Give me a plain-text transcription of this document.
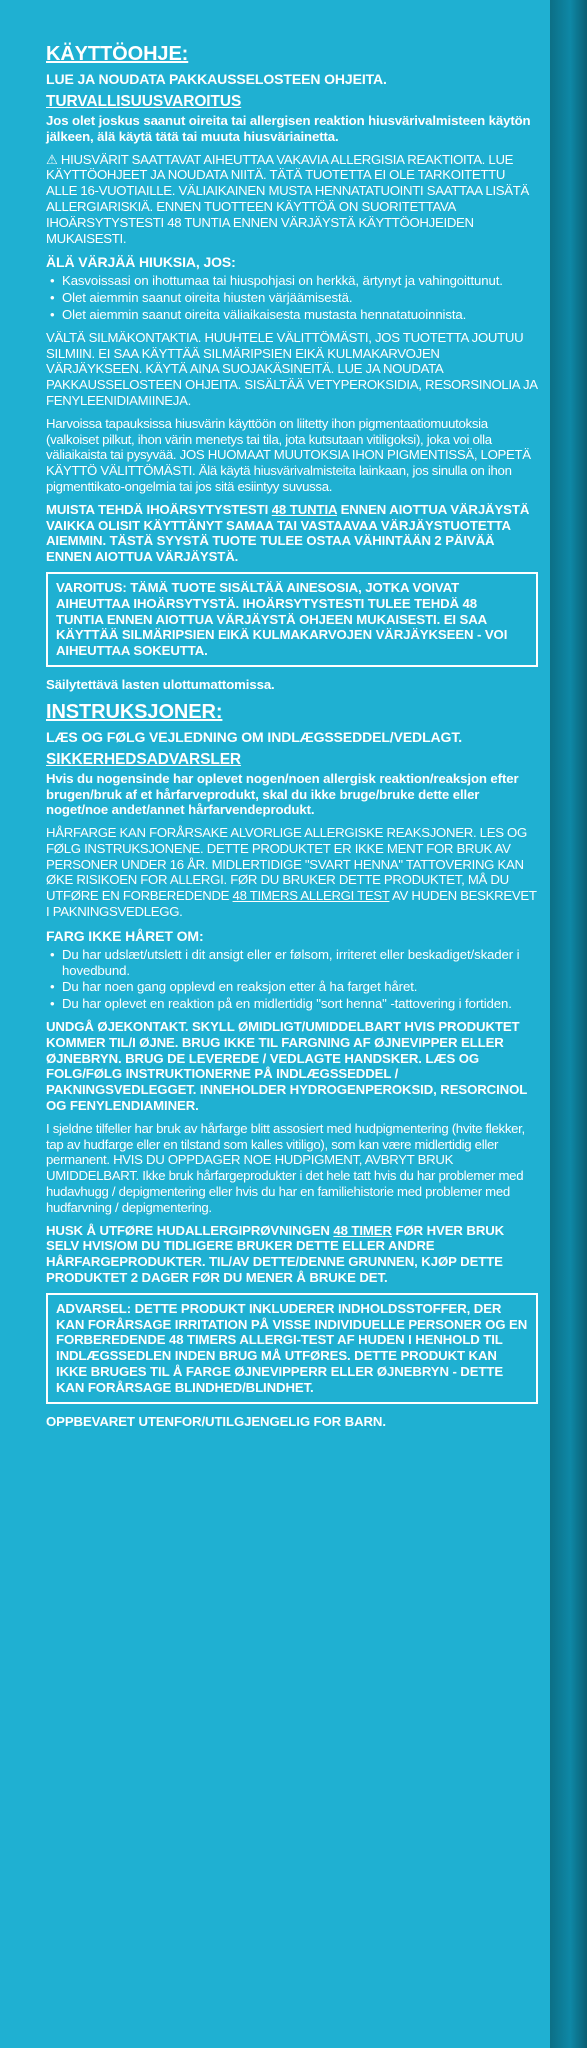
KÄYTTÖOHJE:
LUE JA NOUDATA PAKKAUSSELOSTEEN OHJEITA.
TURVALLISUUSVAROITUS

Jos olet joskus saanut oireita tai allergisen reaktion hiusvärivalmisteen käytön jälkeen, älä käytä tätä tai muuta hiusväriainetta.

⚠ HIUSVÄRIT SAATTAVAT AIHEUTTAA VAKAVIA ALLERGISIA REAKTIOITA. LUE KÄYTTÖOHJEET JA NOUDATA NIITÄ. TÄTÄ TUOTETTA EI OLE TARKOITETTU ALLE 16-VUOTIAILLE. VÄLIAIKAINEN MUSTA HENNATATUOINTI SAATTAA LISÄTÄ ALLERGIARISKIÄ. ENNEN TUOTTEEN KÄYTTÖÄ ON SUORITETTAVA IHOÄRSYTYSTESTI 48 TUNTIA ENNEN VÄRJÄYSTÄ KÄYTTÖOHJEIDEN MUKAISESTI.

ÄLÄ VÄRJÄÄ HIUKSIA, JOS:
• Kasvoissasi on ihottumaa tai hiuspohjasi on herkkä, ärtynyt ja vahingoittunut.
• Olet aiemmin saanut oireita hiusten värjäämisestä.
• Olet aiemmin saanut oireita väliaikaisesta mustasta hennatatuoinnista.

VÄLTÄ SILMÄKONTAKTIA. HUUHTELE VÄLITTÖMÄSTI, JOS TUOTETTA JOUTUU SILMIIN. EI SAA KÄYTTÄÄ SILMÄRIPSIEN EIKÄ KULMAKARVOJEN VÄRJÄYKSEEN. KÄYTÄ AINA SUOJAKÄSINEITÄ. LUE JA NOUDATA PAKKAUSSELOSTEEN OHJEITA. SISÄLTÄÄ VETYPEROKSIDIA, RESORSINOLIA JA FENYLEENIDIAMIINEJA.

Harvoissa tapauksissa hiusvärin käyttöön on liitetty ihon pigmentaatiomuutoksia (valkoiset pilkut, ihon värin menetys tai tila, jota kutsutaan vitiligoksi), joka voi olla väliaikaista tai pysyvää. JOS HUOMAAT MUUTOKSIA IHON PIGMENTISSÄ, LOPETÄ KÄYTTÖ VÄLITTÖMÄSTI. Älä käytä hiusvärivalmisteita lainkaan, jos sinulla on ihon pigmenttikato-ongelmia tai jos sitä esiintyy suvussa.

MUISTA TEHDÄ IHOÄRSYTYSTESTI 48 TUNTIA ENNEN AIOTTUA VÄRJÄYSTÄ VAIKKA OLISIT KÄYTTÄNYT SAMAA TAI VASTAAVAA VÄRJÄYSTUOTETTA AIEMMIN. TÄSTÄ SYYSTÄ TUOTE TULEE OSTAA VÄHINTÄÄN 2 PÄIVÄÄ ENNEN AIOTTUA VÄRJÄYSTÄ.

VAROITUS: TÄMÄ TUOTE SISÄLTÄÄ AINESOSIA, JOTKA VOIVAT AIHEUTTAA IHOÄRSYTYSTÄ. IHOÄRSYTYSTESTI TULEE TEHDÄ 48 TUNTIA ENNEN AIOTTUA VÄRJÄYSTÄ OHJEEN MUKAISESTI. EI SAA KÄYTTÄÄ SILMÄRIPSIEN EIKÄ KULMAKARVOJEN VÄRJÄYKSEEN - VOI AIHEUTTAA SOKEUTTA.

Säilytettävä lasten ulottumattomissa.

INSTRUKSJONER:
LÆS OG FØLG VEJLEDNING OM INDLÆGSSEDDEL/VEDLAGT.
SIKKERHEDSADVARSLER

Hvis du nogensinde har oplevet nogen/noen allergisk reaktion/reaksjon efter brugen/bruk af et hårfarveprodukt, skal du ikke bruge/bruke dette eller noget/noe andet/annet hårfarvendeprodukt.

HÅRFARGE KAN FORÅRSAKE ALVORLIGE ALLERGISKE REAKSJONER. LES OG FØLG INSTRUKSJONENE. DETTE PRODUKTET ER IKKE MENT FOR BRUK AV PERSONER UNDER 16 ÅR. MIDLERTIDIGE "SVART HENNA" TATTOVERING KAN ØKE RISIKOEN FOR ALLERGI. FØR DU BRUKER DETTE PRODUKTET, MÅ DU UTFØRE EN FORBEREDENDE 48 TIMERS ALLERGI TEST AV HUDEN BESKREVET I PAKNINGSVEDLEGG.

FARG IKKE HÅRET OM:
• Du har udslæt/utslett i dit ansigt eller er følsom, irriteret eller beskadiget/skader i hovedbund.
• Du har noen gang opplevd en reaksjon etter å ha farget håret.
• Du har oplevet en reaktion på en midlertidig "sort henna" -tattovering i fortiden.

UNDGÅ ØJEKONTAKT. SKYLL ØMIDLIGT/UMIDDELBART HVIS PRODUKTET KOMMER TIL/I ØJNE. BRUG IKKE TIL FARGNING AF ØJNEVIPPER ELLER ØJNEBRYN. BRUG DE LEVEREDE / VEDLAGTE HANDSKER. LÆS OG FOLG/FØLG INSTRUKTIONERNE PÅ INDLÆGSSEDDEL / PAKNINGSVEDLEGGET. INNEHOLDER HYDROGENPEROKSID, RESORCINOL OG FENYLENDIAMINER.

I sjeldne tilfeller har bruk av hårfarge blitt assosiert med hudpigmentering (hvite flekker, tap av hudfarge eller en tilstand som kalles vitiligo), som kan være midlertidig eller permanent. HVIS DU OPPDAGER NOE HUDPIGMENT, AVBRYT BRUK UMIDDELBART. Ikke bruk hårfargeprodukter i det hele tatt hvis du har problemer med hudavhugg / depigmentering eller hvis du har en familiehistorie med problemer med hudfarvning / depigmentering.

HUSK Å UTFØRE HUDALLERGIPRØVNINGEN 48 TIMER FØR HVER BRUK SELV HVIS/OM DU TIDLIGERE BRUKER DETTE ELLER ANDRE HÅRFARGEPRODUKTER. TIL/AV DETTE/DENNE GRUNNEN, KJØP DETTE PRODUKTET 2 DAGER FØR DU MENER Å BRUKE DET.

ADVARSEL: DETTE PRODUKT INKLUDERER INDHOLDSSTOFFER, DER KAN FORÅRSAGE IRRITATION PÅ VISSE INDIVIDUELLE PERSONER OG EN FORBEREDENDE 48 TIMERS ALLERGI-TEST AF HUDEN I HENHOLD TIL INDLÆGSSEDLEN INDEN BRUG MÅ UTFØRES. DETTE PRODUKT KAN IKKE BRUGES TIL Å FARGE ØJNEVIPPERR ELLER ØJNEBRYN - DETTE KAN FORÅRSAGE BLINDHED/BLINDHET.

OPPBEVARET UTENFOR/UTILGJENGELIG FOR BARN.
